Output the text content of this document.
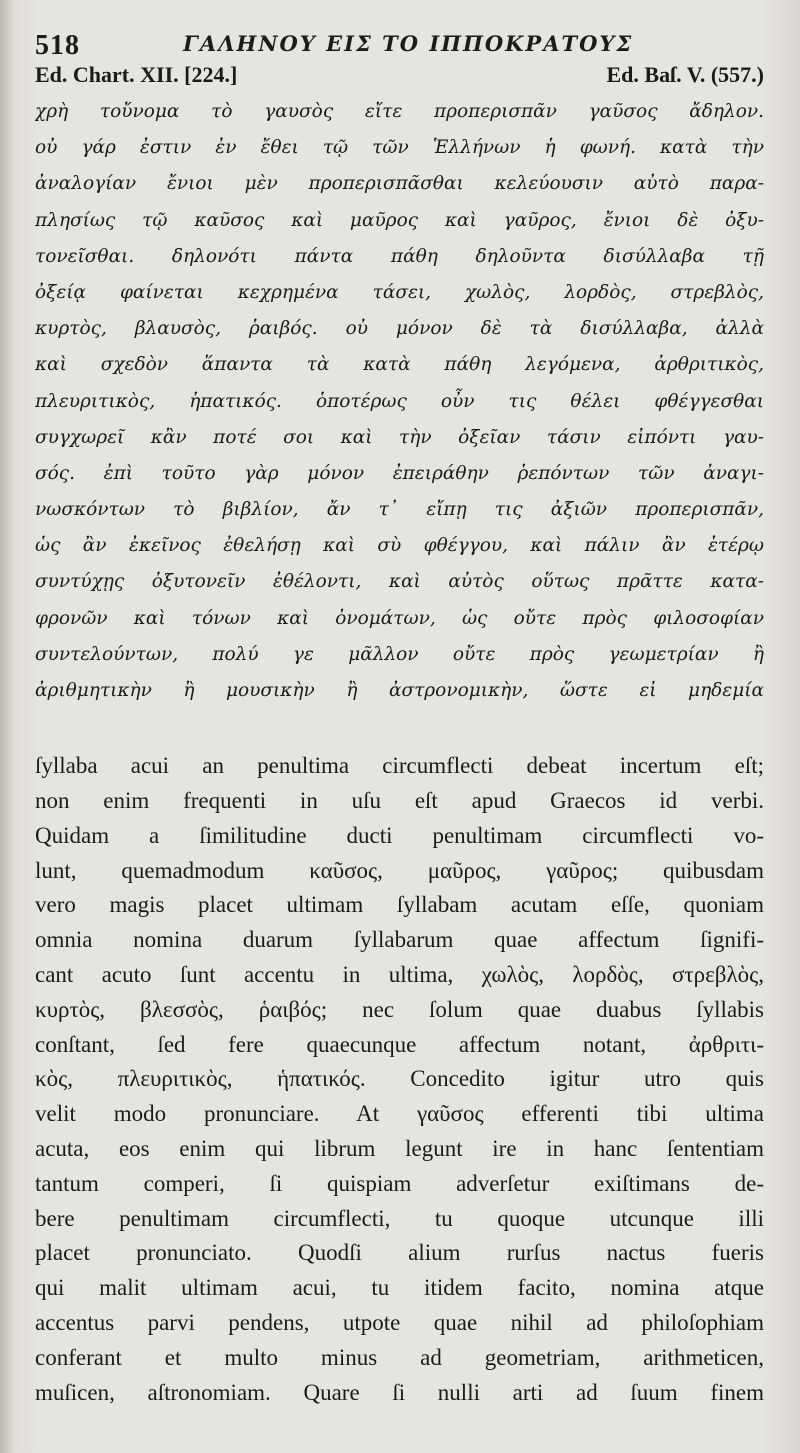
518	ΓΑΛΗΝΟΥ ΕΙΣ ΤΟ ΙΠΠΟΚΡΑΤΟΥΣ
Ed. Chart. XII. [224.]	Ed. Baſ. V. (557.)
χρὴ τοὔνομα τὸ γαυσὸς εἴτε προπερισπᾶν γαῦσος ἄδηλον.
οὐ γάρ ἐστιν ἐν ἔθει τῷ τῶν Ἑλλήνων ἡ φωνή. κατὰ τὴν
ἀναλογίαν ἔνιοι μὲν προπερισπᾶσθαι κελεύουσιν αὐτὸ παρα-
πλησίως τῷ καῦσος καὶ μαῦρος καὶ γαῦρος, ἔνιοι δὲ ὀξυ-
τονεῖσθαι. δηλονότι πάντα πάθη δηλοῦντα δισύλλαβα τῇ
ὀξείᾳ φαίνεται κεχρημένα τάσει, χωλὸς, λορδὸς, στρεβλὸς,
κυρτὸς, βλαυσὸς, ῥαιβός. οὐ μόνον δὲ τὰ δισύλλαβα, ἀλλὰ
καὶ σχεδὸν ἅπαντα τὰ κατὰ πάθη λεγόμενα, ἀρθριτικὸς,
πλευριτικὸς, ἡπατικός. ὁποτέρως οὖν τις θέλει φθέγγεσθαι
συγχωρεῖ κἂν ποτέ σοι καὶ τὴν ὀξεῖαν τάσιν εἰπόντι γαυ-
σός. ἐπὶ τοῦτο γὰρ μόνον ἐπειράθην ῥεπόντων τῶν ἀναγι-
νωσκόντων τὸ βιβλίον, ἄν τ᾽ εἴπῃ τις ἀξιῶν προπερισπᾶν,
ὡς ἂν ἐκεῖνος ἐθελήσῃ καὶ σὺ φθέγγου, καὶ πάλιν ἂν ἑτέρῳ
συντύχῃς ὀξυτονεῖν ἐθέλοντι, καὶ αὐτὸς οὕτως πρᾶττε κατα-
φρονῶν καὶ τόνων καὶ ὀνομάτων, ὡς οὔτε πρὸς φιλοσοφίαν
συντελούντων, πολύ γε μᾶλλον οὔτε πρὸς γεωμετρίαν ἢ
ἀριθμητικὴν ἢ μουσικὴν ἢ ἀστρονομικὴν, ὥστε εἰ μηδεμία
ſyllaba acui an penultima circumflecti debeat incertum eſt;
non enim frequenti in uſu eſt apud Graecos id verbi.
Quidam a ſimilitudine ducti penultimam circumflecti vo-
lunt, quemadmodum καῦσος, μαῦρος, γαῦρος; quibusdam
vero magis placet ultimam ſyllabam acutam eſſe, quoniam
omnia nomina duarum ſyllabarum quae affectum ſignifi-
cant acuto ſunt accentu in ultima, χωλὸς, λορδὸς, στρεβλὸς,
κυρτὸς, βλεσσὸς, ῥαιβός; nec ſolum quae duabus ſyllabis
conſtant, ſed fere quaecunque affectum notant, ἀρθριτι-
κὸς, πλευριτικὸς, ἡπατικός. Concedito igitur utro quis
velit modo pronunciare. At γαῦσος efferenti tibi ultima
acuta, eos enim qui librum legunt ire in hanc ſententiam
tantum comperi, ſi quispiam adverſetur exiſtimans de-
bere penultimam circumflecti, tu quoque utcunque illi
placet pronunciato. Quodſi alium rurſus nactus fueris
qui malit ultimam acui, tu itidem facito, nomina atque
accentus parvi pendens, utpote quae nihil ad philoſophiam
conferant et multo minus ad geometriam, arithmeticen,
muſicen, aſtronomiam. Quare ſi nulli arti ad ſuum finem
